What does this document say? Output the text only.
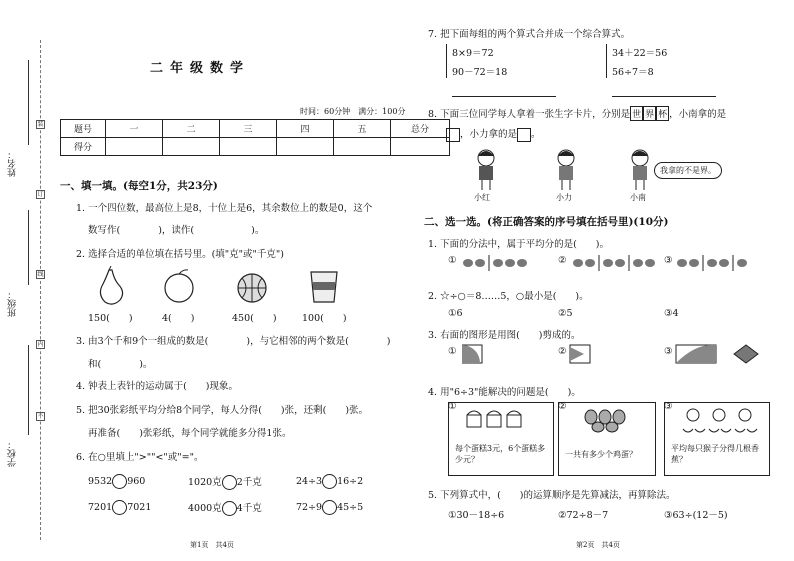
姓名：
班级：
学校：
装
订
线
内
不
二年级数学
时间：60分钟　满分：100分
题号	一	二	三	四	五	总分
得分						
一、填一填。(每空1分，共23分)
1. 一个四位数，最高位上是8，十位上是6，其余数位上的数是0，这个
数写作(　　　　)，读作(　　　　　　)。
2. 选择合适的单位填在括号里。(填"克"或"千克")
150(　　)	4(　　)	450(　　)	100(　　)
3. 由3个千和9个一组成的数是(　　　　)，与它相邻的两个数是(　　　　)
和(　　　　)。
4. 钟表上表针的运动属于(　　)现象。
5. 把30张彩纸平均分给8个同学，每人分得(　　)张，还剩(　　)张。
再准备(　　)张彩纸，每个同学就能多分得1张。
6. 在○里填上">""<"或"="。
9532 960	1020克 2千克	24÷3 16÷2
7201 7021	4000克 4千克	72÷9 45÷5
第1页　共4页
7. 把下面每组的两个算式合并成一个综合算式。
8×9＝72
90－72＝18
34＋22＝56
56÷7＝8
8. 下面三位同学每人拿着一张生字卡片，分别是 世 界 杯 ，小南拿的是
，小力拿的是 。
我拿的不是界。
小红	小力	小南
二、选一选。(将正确答案的序号填在括号里)(10分)
1. 下面的分法中，属于平均分的是(　　)。
①	②	③
2. ☆÷○＝8……5，○最小是(　　)。
①6	②5	③4
3. 右面的图形是用图(　　)剪成的。
①	②	③
4. 用"6÷3"能解决的问题是(　　)。
①
每个蛋糕3元，6个蛋糕多少元？
②
一共有多少个鸡蛋？
③
平均每只猴子分得几根香蕉？
5. 下列算式中，(　　)的运算顺序是先算减法，再算除法。
①30－18÷6	②72÷8－7	③63÷(12－5)
第2页　共4页
